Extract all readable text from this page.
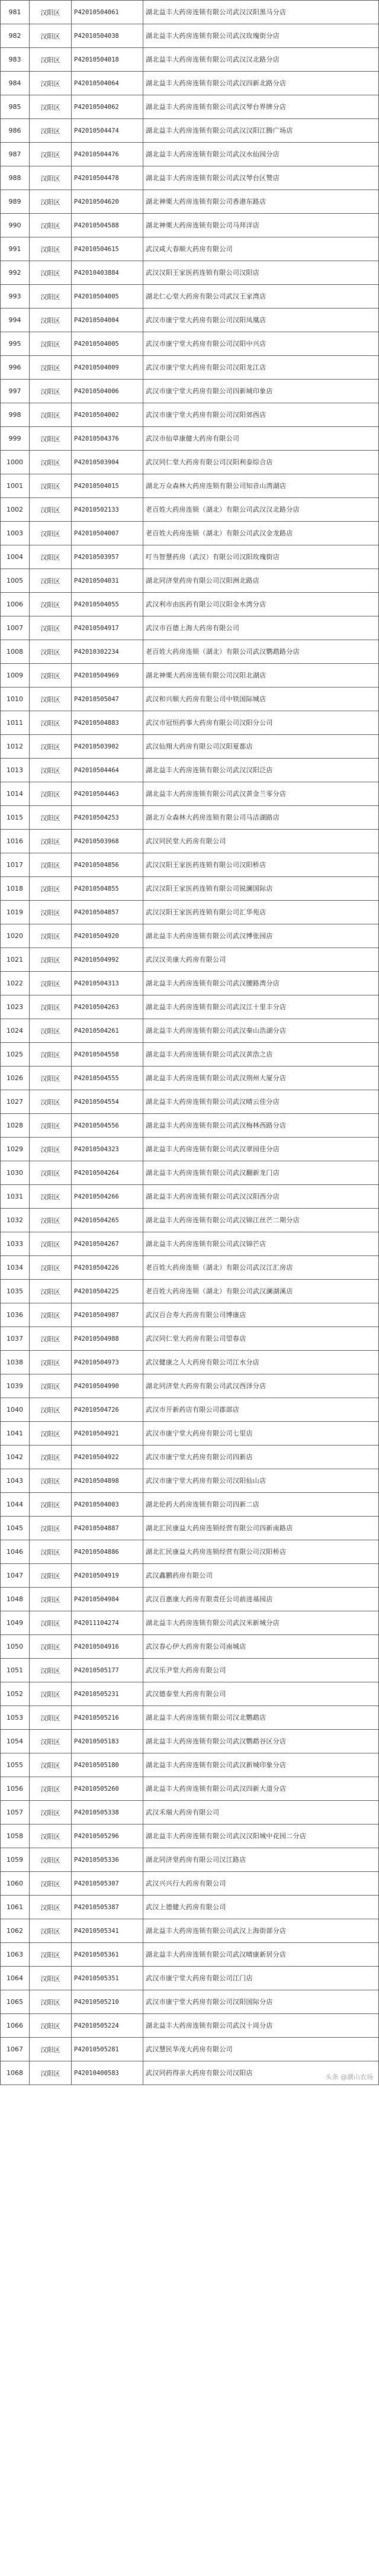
981	汉阳区	P42010504061	湖北益丰大药房连锁有限公司武汉汉阳黑马分店
982	汉阳区	P42010504038	湖北益丰大药房连锁有限公司武汉玫瑰街分店
983	汉阳区	P42010504018	湖北益丰大药房连锁有限公司武汉汉北路分店
984	汉阳区	P42010504064	湖北益丰大药房连锁有限公司武汉四新北路分店
985	汉阳区	P42010504062	湖北益丰大药房连锁有限公司武汉琴台界牌分店
986	汉阳区	P42010504474	湖北益丰大药房连锁有限公司武汉汉阳江腾广场店
987	汉阳区	P42010504476	湖北益丰大药房连锁有限公司武汉水仙园分店
988	汉阳区	P42010504478	湖北益丰大药房连锁有限公司武汉琴台区赞店
989	汉阳区	P42010504620	湖北神栗大药房连锁有限公司香港东路店
990	汉阳区	P42010504588	湖北神栗大药房连锁有限公司马拜洋店
991	汉阳区	P42010504615	武汉咸大春顺大药房有限公司
992	汉阳区	P42010403884	武汉汉阳王家医药连锁有限公司汉阳店
993	汉阳区	P42010504005	湖北仁心堂大药房有限公司武汉王家湾店
994	汉阳区	P42010504004	武汉市康宁堂大药房有限公司汉阳凤凰店
995	汉阳区	P42010504005	武汉市康宁堂大药房有限公司汉阳中兴店
996	汉阳区	P42010504009	武汉市康宁堂大药房有限公司汉阳龙江店
997	汉阳区	P42010504006	武汉市康宁堂大药房有限公司四新城印象店
998	汉阳区	P42010504002	武汉市康宁堂大药房有限公司汉阳郊西店
999	汉阳区	P42010504376	武汉市仙草康健大药房有限公司
1000	汉阳区	P42010503904	武汉同仁堂大药房有限公司汉阳利泰综合店
1001	汉阳区	P42010504015	湖北万众森林大药房连锁有限公司知音山湾湖店
1002	汉阳区	P42010502133	老百姓大药房连锁（湖北）有限公司武汉汉北路分店
1003	汉阳区	P42010504007	老百姓大药房连锁（湖北）有限公司武汉金龙路店
1004	汉阳区	P42010503957	叮当智慧药房（武汉）有限公司汉阳玫瑰街店
1005	汉阳区	P42010504031	湖北同济堂药房有限公司汉阳洲北路店
1006	汉阳区	P42010504055	武汉利市由医药有限公司汉阳金水湾分店
1007	汉阳区	P42010504917	武汉市百德上海大药房有限公司
1008	汉阳区	P42010302234	老百姓大药房连锁（湖北）有限公司武汉鹦鹉路分店
1009	汉阳区	P42010504969	湖北神栗大药房连锁有限公司汉阳北湖店
1010	汉阳区	P42010505047	武汉和兴顺大药房有限公司中铁国际城店
1011	汉阳区	P42010504883	武汉市冠恒药事大药房有限公司汉阳分公司
1012	汉阳区	P42010503902	武汉仙翔大药房有限公司汉阳夏都店
1013	汉阳区	P42010504464	湖北益丰大药房连锁有限公司武汉汉阳泛店
1014	汉阳区	P42010504463	湖北益丰大药房连锁有限公司武汉黄金兰零分店
1015	汉阳区	P42010504253	湖北万众森林大药房连锁有限公司马洁湖路店
1016	汉阳区	P42010503968	武汉同民堂大药房有限公司
1017	汉阳区	P42010504856	武汉汉阳王家医药连锁有限公司汉阳桥店
1018	汉阳区	P42010504855	武汉汉阳王家医药连锁有限公司锐澜国际店
1019	汉阳区	P42010504857	武汉汉阳王家医药连锁有限公司汇华苑店
1020	汉阳区	P42010504920	湖北益丰大药房连锁有限公司武汉博张园店
1021	汉阳区	P42010504992	武汉汉美康大药房有限公司
1022	汉阳区	P42010504313	湖北益丰大药房连锁有限公司武汉腰路湾分店
1023	汉阳区	P42010504263	湖北益丰大药房连锁有限公司武汉江十里丰分店
1024	汉阳区	P42010504261	湖北益丰大药房连锁有限公司武汉秦山浩湖分店
1025	汉阳区	P42010504558	湖北益丰大药房连锁有限公司武汉黄浩之店
1026	汉阳区	P42010504555	湖北益丰大药房连锁有限公司武汉荆州大厦分店
1027	汉阳区	P42010504554	湖北益丰大药房连锁有限公司武汉晴云佳分店
1028	汉阳区	P42010504556	湖北益丰大药房连锁有限公司武汉梅林西路分店
1029	汉阳区	P42010504323	湖北益丰大药房连锁有限公司武汉翠园佳分店
1030	汉阳区	P42010504264	湖北益丰大药房连锁有限公司武汉翻新龙门店
1031	汉阳区	P42010504266	湖北益丰大药房连锁有限公司武汉汉阳西分店
1032	汉阳区	P42010504265	湖北益丰大药房连锁有限公司武汉锦江丝芒二期分店
1033	汉阳区	P42010504267	湖北益丰大药房连锁有限公司武汉锦芒店
1034	汉阳区	P42010504226	老百姓大药房连锁（湖北）有限公司武汉江汇房店
1035	汉阳区	P42010504225	老百姓大药房连锁（湖北）有限公司武汉澜湖溪店
1036	汉阳区	P42010504987	武汉百合寿大药房有限公司博康店
1037	汉阳区	P42010504988	武汉同仁堂大药房有限公司望春店
1038	汉阳区	P42010504973	武汉健康之人大药房有限公司江水分店
1039	汉阳区	P42010504990	湖北同济堂大药房有限公司武汉西泽分店
1040	汉阳区	P42010504726	武汉市开新药店有限公司郡部店
1041	汉阳区	P42010504921	武汉市康宁堂大药房有限公司七里店
1042	汉阳区	P42010504922	武汉市康宁堂大药房有限公司四新店
1043	汉阳区	P42010504898	武汉市康宁堂大药房有限公司汉阳仙山店
1044	汉阳区	P42010504003	湖北伦药大药房连锁有限公司四新二店
1045	汉阳区	P42010504887	湖北汇民康益大药房连锁经营有限公司四新南路店
1046	汉阳区	P42010504886	湖北汇民康益大药房连锁经营有限公司汉阳桥店
1047	汉阳区	P42010504919	武汉鑫鹏药房有限公司
1048	汉阳区	P42010504984	武汉百惠康大药房有限责任公司前进基园店
1049	汉阳区	P42011104274	湖北益丰大药房连锁有限公司武汉米新城分店
1050	汉阳区	P42010504916	武汉春心伊大药房有限公司南城店
1051	汉阳区	P42010505177	武汉乐尹堂大药房有限公司
1052	汉阳区	P42010505231	武汉德泰堂大药房有限公司
1053	汉阳区	P42010505216	湖北益丰大药房连锁有限公司汉北鹦鹉店
1054	汉阳区	P42010505183	湖北益丰大药房连锁有限公司武汉鹦鹉谷区分店
1055	汉阳区	P42010505180	湖北益丰大药房连锁有限公司武汉新城印象分店
1056	汉阳区	P42010505260	湖北益丰大药房连锁有限公司武汉四新大道分店
1057	汉阳区	P42010505338	武汉禾瑞大药房有限公司
1058	汉阳区	P42010505296	湖北益丰大药房连锁有限公司武汉汉阳城中花园二分店
1059	汉阳区	P42010505336	湖北同济堂药房有限公司汉江路店
1060	汉阳区	P42010505307	武汉兴兴行大药房有限公司
1061	汉阳区	P42010505387	武汉上德健大药房有限公司
1062	汉阳区	P42010505341	湖北益丰大药房连锁有限公司武汉上海街部分店
1063	汉阳区	P42010505361	湖北益丰大药房连锁有限公司武汉晴康新居分店
1064	汉阳区	P42010505351	武汉市康宁堂大药房有限公司江门店
1065	汉阳区	P42010505210	武汉市康宁堂大药房有限公司汉阳国际分店
1066	汉阳区	P42010505224	湖北益丰大药房连锁有限公司武汉十周分店
1067	汉阳区	P42010505281	武汉慧民华茂大药房有限公司
1068	汉阳区	P42010400583	武汉同药得亲大药房有限公司汉阳店
头条 @潮山农场
